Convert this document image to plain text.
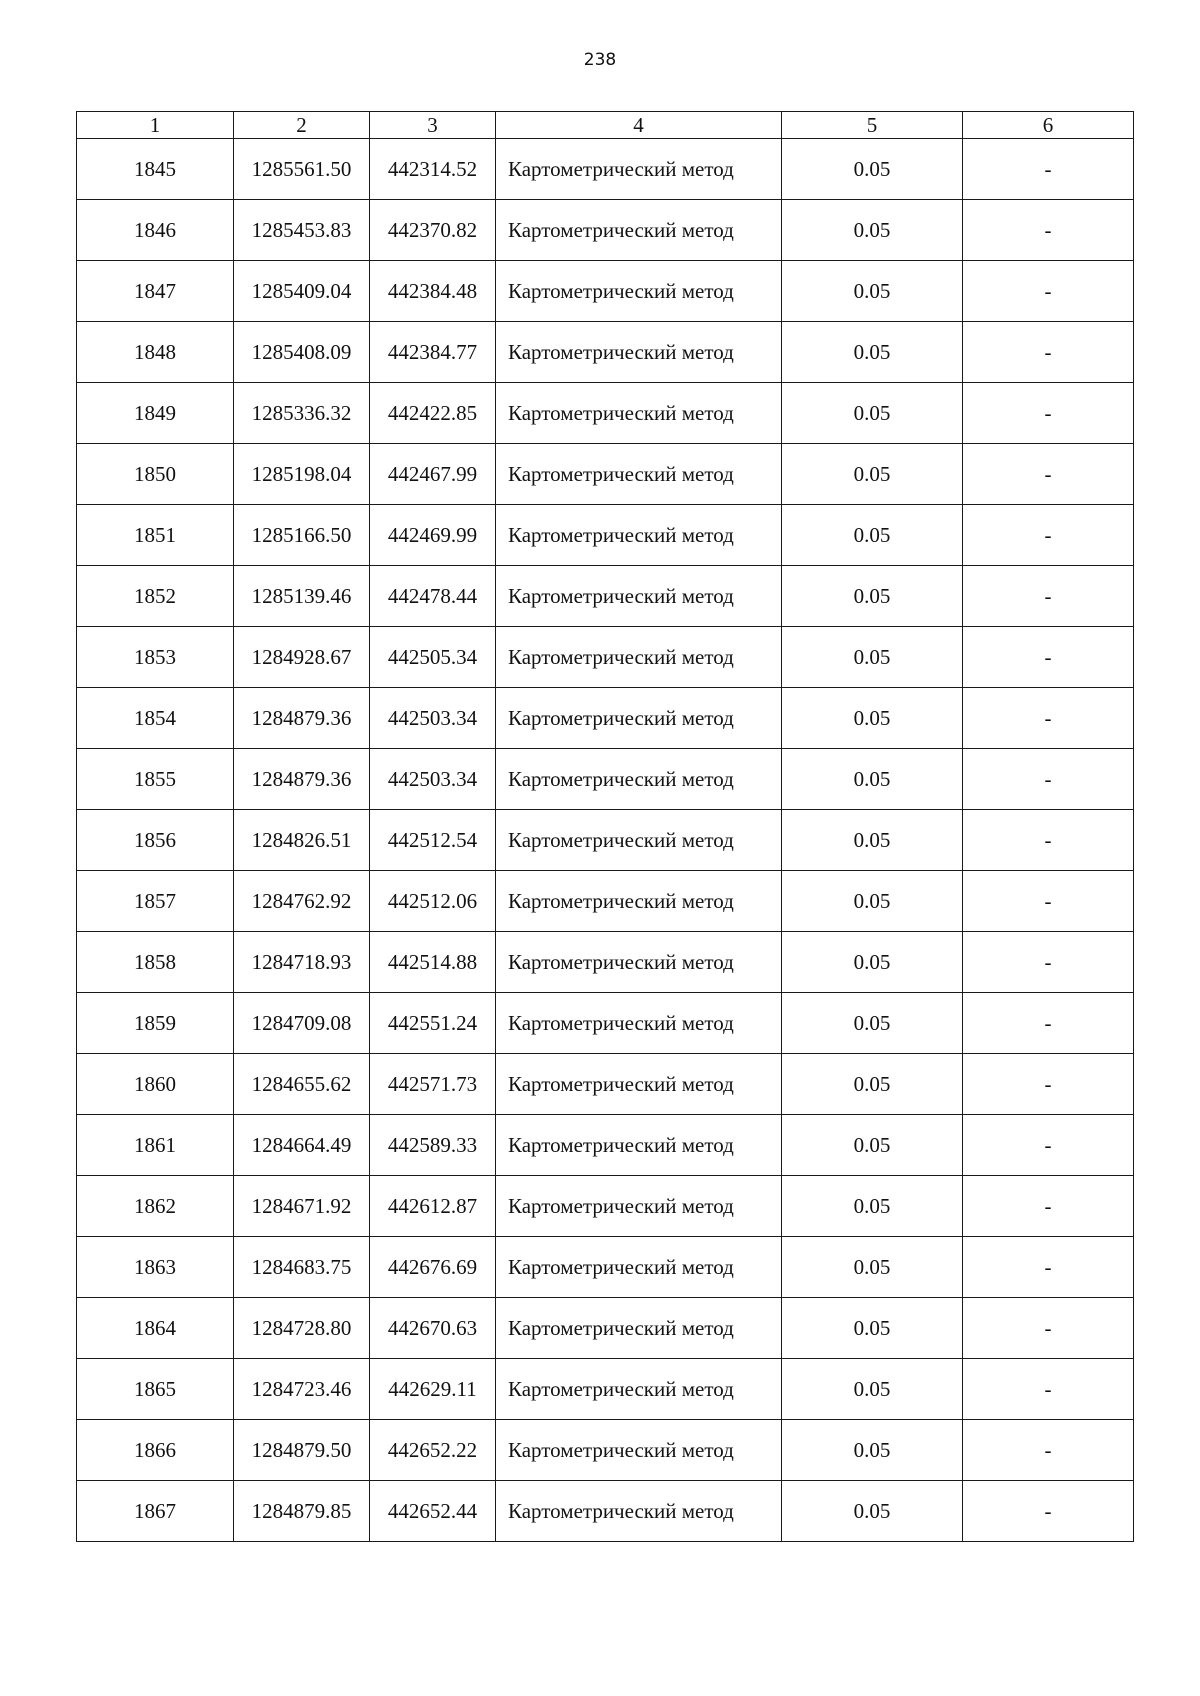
238
1	2	3	4	5	6
1845	1285561.50	442314.52	Картометрический метод	0.05	-
1846	1285453.83	442370.82	Картометрический метод	0.05	-
1847	1285409.04	442384.48	Картометрический метод	0.05	-
1848	1285408.09	442384.77	Картометрический метод	0.05	-
1849	1285336.32	442422.85	Картометрический метод	0.05	-
1850	1285198.04	442467.99	Картометрический метод	0.05	-
1851	1285166.50	442469.99	Картометрический метод	0.05	-
1852	1285139.46	442478.44	Картометрический метод	0.05	-
1853	1284928.67	442505.34	Картометрический метод	0.05	-
1854	1284879.36	442503.34	Картометрический метод	0.05	-
1855	1284879.36	442503.34	Картометрический метод	0.05	-
1856	1284826.51	442512.54	Картометрический метод	0.05	-
1857	1284762.92	442512.06	Картометрический метод	0.05	-
1858	1284718.93	442514.88	Картометрический метод	0.05	-
1859	1284709.08	442551.24	Картометрический метод	0.05	-
1860	1284655.62	442571.73	Картометрический метод	0.05	-
1861	1284664.49	442589.33	Картометрический метод	0.05	-
1862	1284671.92	442612.87	Картометрический метод	0.05	-
1863	1284683.75	442676.69	Картометрический метод	0.05	-
1864	1284728.80	442670.63	Картометрический метод	0.05	-
1865	1284723.46	442629.11	Картометрический метод	0.05	-
1866	1284879.50	442652.22	Картометрический метод	0.05	-
1867	1284879.85	442652.44	Картометрический метод	0.05	-
